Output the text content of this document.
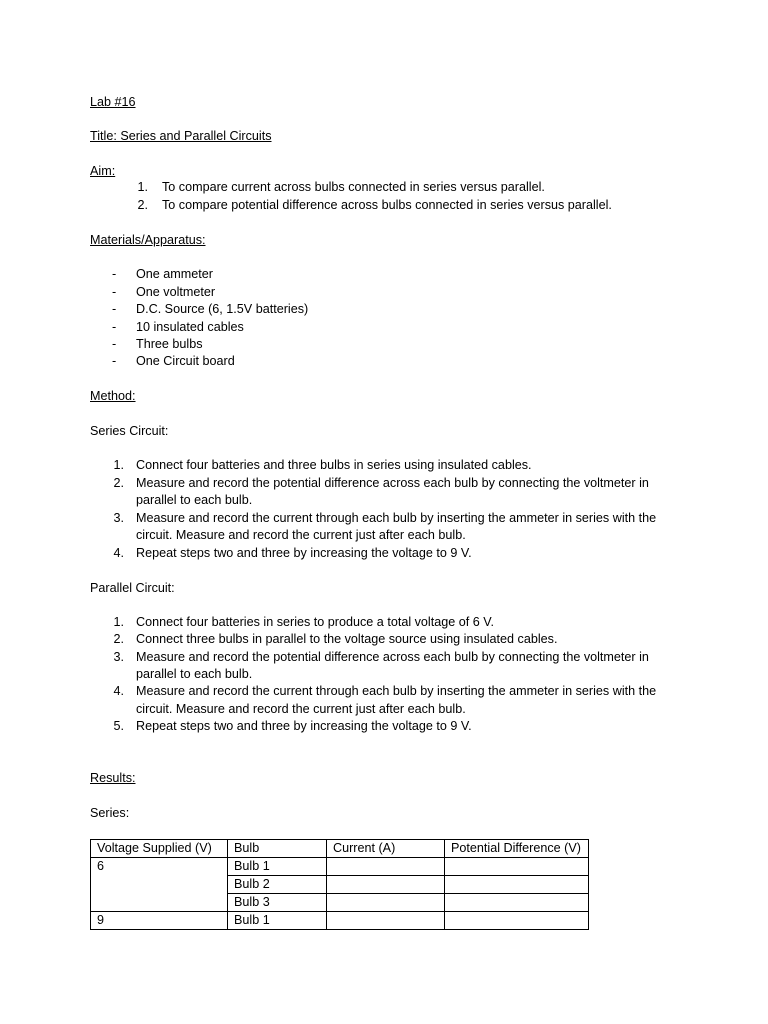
Lab #16
Title: Series and Parallel Circuits
Aim:
1. To compare current across bulbs connected in series versus parallel.
2. To compare potential difference across bulbs connected in series versus parallel.
Materials/Apparatus:
- One ammeter
- One voltmeter
- D.C. Source (6, 1.5V batteries)
- 10 insulated cables
- Three bulbs
- One Circuit board
Method:
Series Circuit:
1. Connect four batteries and three bulbs in series using insulated cables.
2. Measure and record the potential difference across each bulb by connecting the voltmeter in
parallel to each bulb.
3. Measure and record the current through each bulb by inserting the ammeter in series with the
circuit. Measure and record the current just after each bulb.
4. Repeat steps two and three by increasing the voltage to 9 V.
Parallel Circuit:
1. Connect four batteries in series to produce a total voltage of 6 V.
2. Connect three bulbs in parallel to the voltage source using insulated cables.
3. Measure and record the potential difference across each bulb by connecting the voltmeter in
parallel to each bulb.
4. Measure and record the current through each bulb by inserting the ammeter in series with the
circuit. Measure and record the current just after each bulb.
5. Repeat steps two and three by increasing the voltage to 9 V.
Results:
Series:
Voltage Supplied (V)	Bulb	Current (A)	Potential Difference (V)
6	Bulb 1		
	Bulb 2		
	Bulb 3		
9	Bulb 1		
